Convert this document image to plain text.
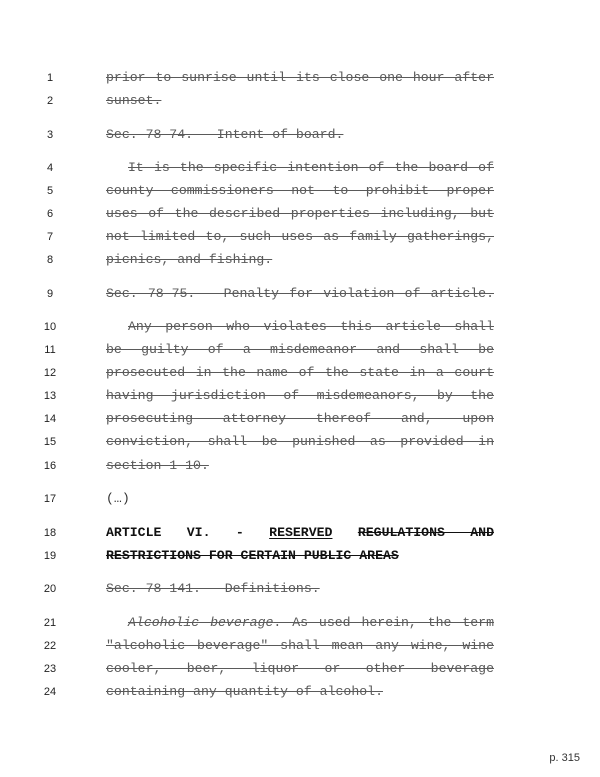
1	prior to sunrise until its close one hour after
2	sunset.
3	Sec. 78-74. - Intent of board.
4	It is the specific intention of the board of
5	county commissioners not to prohibit proper
6	uses of the described properties including, but
7	not limited to, such uses as family gatherings,
8	picnics, and fishing.
9	Sec. 78-75. - Penalty for violation of article.
10	Any person who violates this article shall
11	be guilty of a misdemeanor and shall be
12	prosecuted in the name of the state in a court
13	having jurisdiction of misdemeanors, by the
14	prosecuting attorney thereof and, upon
15	conviction, shall be punished as provided in
16	section 1-10.
17	(…)
18	ARTICLE VI. - RESERVED REGULATIONS AND
19	RESTRICTIONS FOR CERTAIN PUBLIC AREAS
20	Sec. 78-141. - Definitions.
21	Alcoholic beverage. As used herein, the term
22	"alcoholic beverage" shall mean any wine, wine
23	cooler, beer, liquor or other beverage
24	containing any quantity of alcohol.
p. 315
